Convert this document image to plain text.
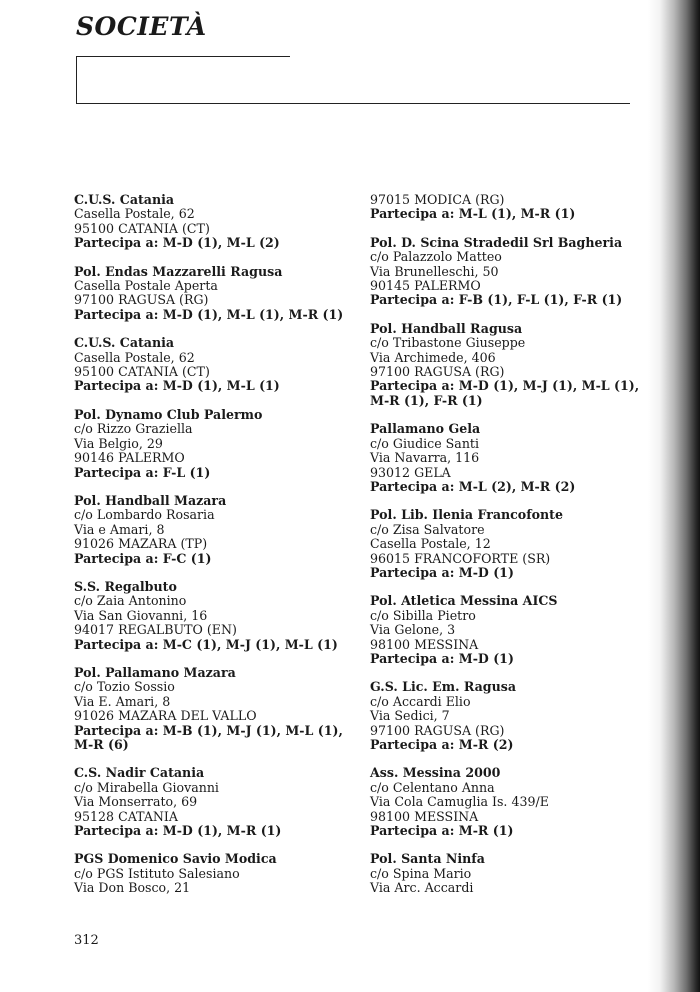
SOCIETÀ
C.U.S. Catania
Casella Postale, 62
95100 CATANIA (CT)
Partecipa a: M-D (1), M-L (2)
Pol. Endas Mazzarelli Ragusa
Casella Postale Aperta
97100 RAGUSA (RG)
Partecipa a: M-D (1), M-L (1), M-R (1)
C.U.S. Catania
Casella Postale, 62
95100 CATANIA (CT)
Partecipa a: M-D (1), M-L (1)
Pol. Dynamo Club Palermo
c/o Rizzo Graziella
Via Belgio, 29
90146 PALERMO
Partecipa a: F-L (1)
Pol. Handball Mazara
c/o Lombardo Rosaria
Via e Amari, 8
91026 MAZARA (TP)
Partecipa a: F-C (1)
S.S. Regalbuto
c/o Zaia Antonino
Via San Giovanni, 16
94017 REGALBUTO (EN)
Partecipa a: M-C (1), M-J (1), M-L (1)
Pol. Pallamano Mazara
c/o Tozio Sossio
Via E. Amari, 8
91026 MAZARA DEL VALLO
Partecipa a: M-B (1), M-J (1), M-L (1), M-R (6)
C.S. Nadir Catania
c/o Mirabella Giovanni
Via Monserrato, 69
95128 CATANIA
Partecipa a: M-D (1), M-R (1)
PGS Domenico Savio Modica
c/o PGS Istituto Salesiano
Via Don Bosco, 21
97015 MODICA (RG)
Partecipa a: M-L (1), M-R (1)
Pol. D. Scina Stradedil Srl Bagheria
c/o Palazzolo Matteo
Via Brunelleschi, 50
90145 PALERMO
Partecipa a: F-B (1), F-L (1), F-R (1)
Pol. Handball Ragusa
c/o Tribastone Giuseppe
Via Archimede, 406
97100 RAGUSA (RG)
Partecipa a: M-D (1), M-J (1), M-L (1), M-R (1), F-R (1)
Pallamano Gela
c/o Giudice Santi
Via Navarra, 116
93012 GELA
Partecipa a: M-L (2), M-R (2)
Pol. Lib. Ilenia Francofonte
c/o Zisa Salvatore
Casella Postale, 12
96015 FRANCOFORTE (SR)
Partecipa a: M-D (1)
Pol. Atletica Messina AICS
c/o Sibilla Pietro
Via Gelone, 3
98100 MESSINA
Partecipa a: M-D (1)
G.S. Lic. Em. Ragusa
c/o Accardi Elio
Via Sedici, 7
97100 RAGUSA (RG)
Partecipa a: M-R (2)
Ass. Messina 2000
c/o Celentano Anna
Via Cola Camuglia Is. 439/E
98100 MESSINA
Partecipa a: M-R (1)
Pol. Santa Ninfa
c/o Spina Mario
Via Arc. Accardi
312
